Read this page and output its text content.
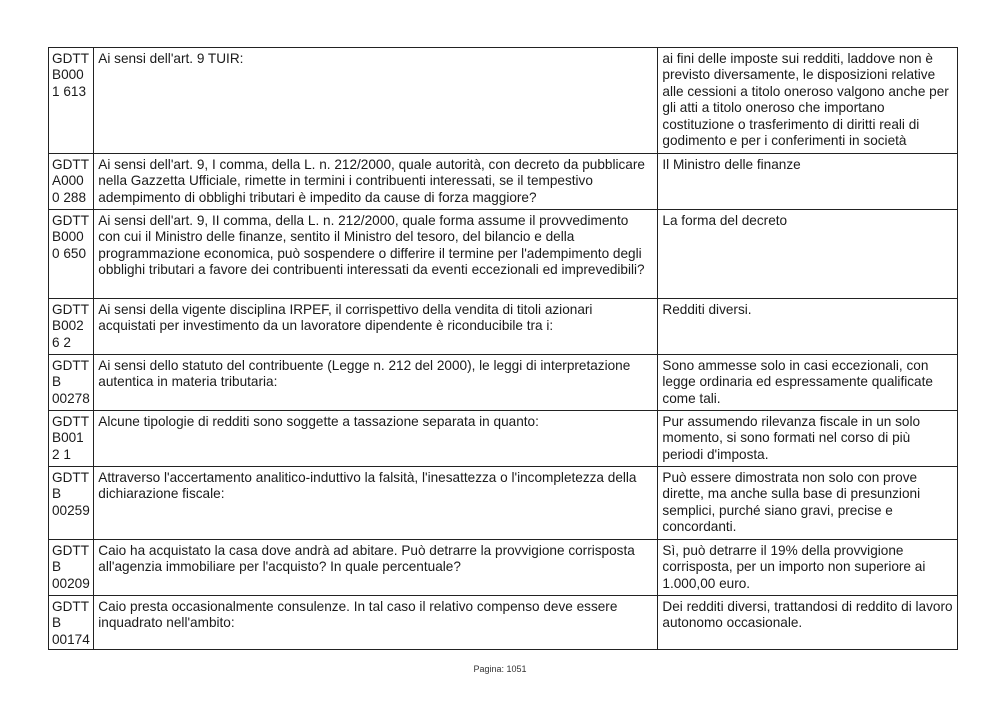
GDTT B0001 613	Ai sensi dell'art. 9 TUIR:	ai fini delle imposte sui redditi, laddove non è previsto diversamente, le disposizioni relative alle cessioni a titolo oneroso valgono anche per gli atti a titolo oneroso che importano costituzione o trasferimento di diritti reali di godimento e per i conferimenti in società
GDTT A0000 288	Ai sensi dell'art. 9, I comma, della L. n. 212/2000, quale autorità, con decreto da pubblicare nella Gazzetta Ufficiale, rimette in termini i contribuenti interessati, se il tempestivo adempimento di obblighi tributari è impedito da cause di forza maggiore?	Il Ministro delle finanze
GDTT B0000 650	Ai sensi dell'art. 9, II comma, della L. n. 212/2000, quale forma assume il provvedimento con cui il Ministro delle finanze, sentito il Ministro del tesoro, del bilancio e della programmazione economica, può sospendere o differire il termine per l'adempimento degli obblighi tributari a favore dei contribuenti interessati da eventi eccezionali ed imprevedibili?	La forma del decreto
GDTT B0026 2	Ai sensi della vigente disciplina IRPEF, il corrispettivo della vendita di titoli azionari acquistati per investimento da un lavoratore dipendente è riconducibile tra i:	Redditi diversi.
GDTTB 00278	Ai sensi dello statuto del contribuente (Legge n. 212 del 2000), le leggi di interpretazione autentica in materia tributaria:	Sono ammesse solo in casi eccezionali, con legge ordinaria ed espressamente qualificate come tali.
GDTT B0012 1	Alcune tipologie di redditi sono soggette a tassazione separata in quanto:	Pur assumendo rilevanza fiscale in un solo momento, si sono formati nel corso di più periodi d'imposta.
GDTTB 00259	Attraverso l'accertamento analitico-induttivo la falsità, l'inesattezza o l'incompletezza della dichiarazione fiscale:	Può essere dimostrata non solo con prove dirette, ma anche sulla base di presunzioni semplici, purché siano gravi, precise e concordanti.
GDTTB 00209	Caio ha acquistato la casa dove andrà ad abitare. Può detrarre la provvigione corrisposta all'agenzia immobiliare per l'acquisto? In quale percentuale?	Sì, può detrarre il 19% della provvigione corrisposta, per un importo non superiore ai 1.000,00 euro.
GDTTB 00174	Caio presta occasionalmente consulenze. In tal caso il relativo compenso deve essere inquadrato nell'ambito:	Dei redditi diversi, trattandosi di reddito di lavoro autonomo occasionale.
Pagina: 1051
